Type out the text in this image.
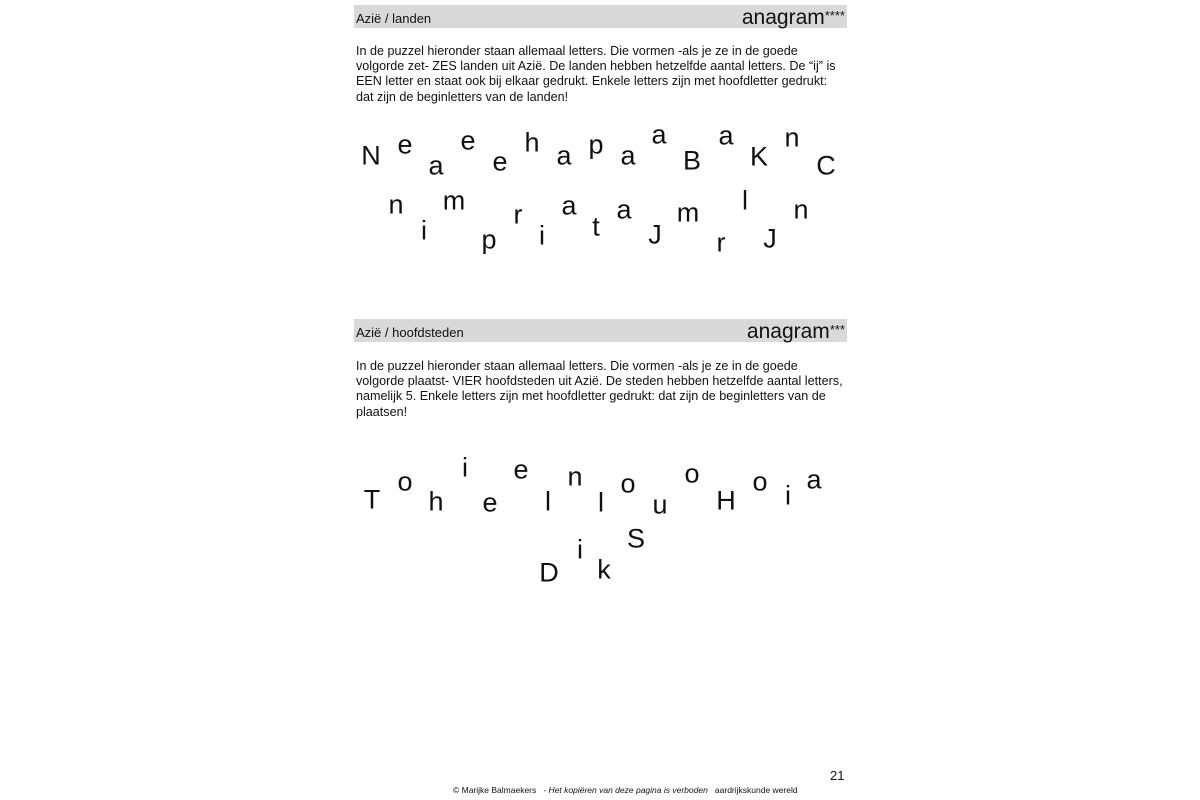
Azië / landen	anagram****

In de puzzel hieronder staan allemaal letters. Die vormen -als je ze in de goede volgorde zet- ZES landen uit Azië. De landen hebben hetzelfde aantal letters. De “ij” is EEN letter en staat ook bij elkaar gedrukt. Enkele letters zijn met hoofdletter gedrukt: dat zijn de beginletters van de landen!

N e
a
e
e
h a p a
a
B
a
K
n
C
n
i
m
p
r
i
a
t
a
J
m
r
l
J
n
Azië / hoofdsteden	anagram***

In de puzzel hieronder staan allemaal letters. Die vormen -als je ze in de goede volgorde plaatst- VIER hoofdsteden uit Azië. De steden hebben hetzelfde aantal letters, namelijk 5. Enkele letters zijn met hoofdletter gedrukt: dat zijn de beginletters van de plaatsen!

T
o
h
i
e
e
l
n
l
o
u
o
H
o i
a
D
i
k
S
21
© Marijke Balmaekers - Het kopiëren van deze pagina is verboden aardrijkskunde wereld
